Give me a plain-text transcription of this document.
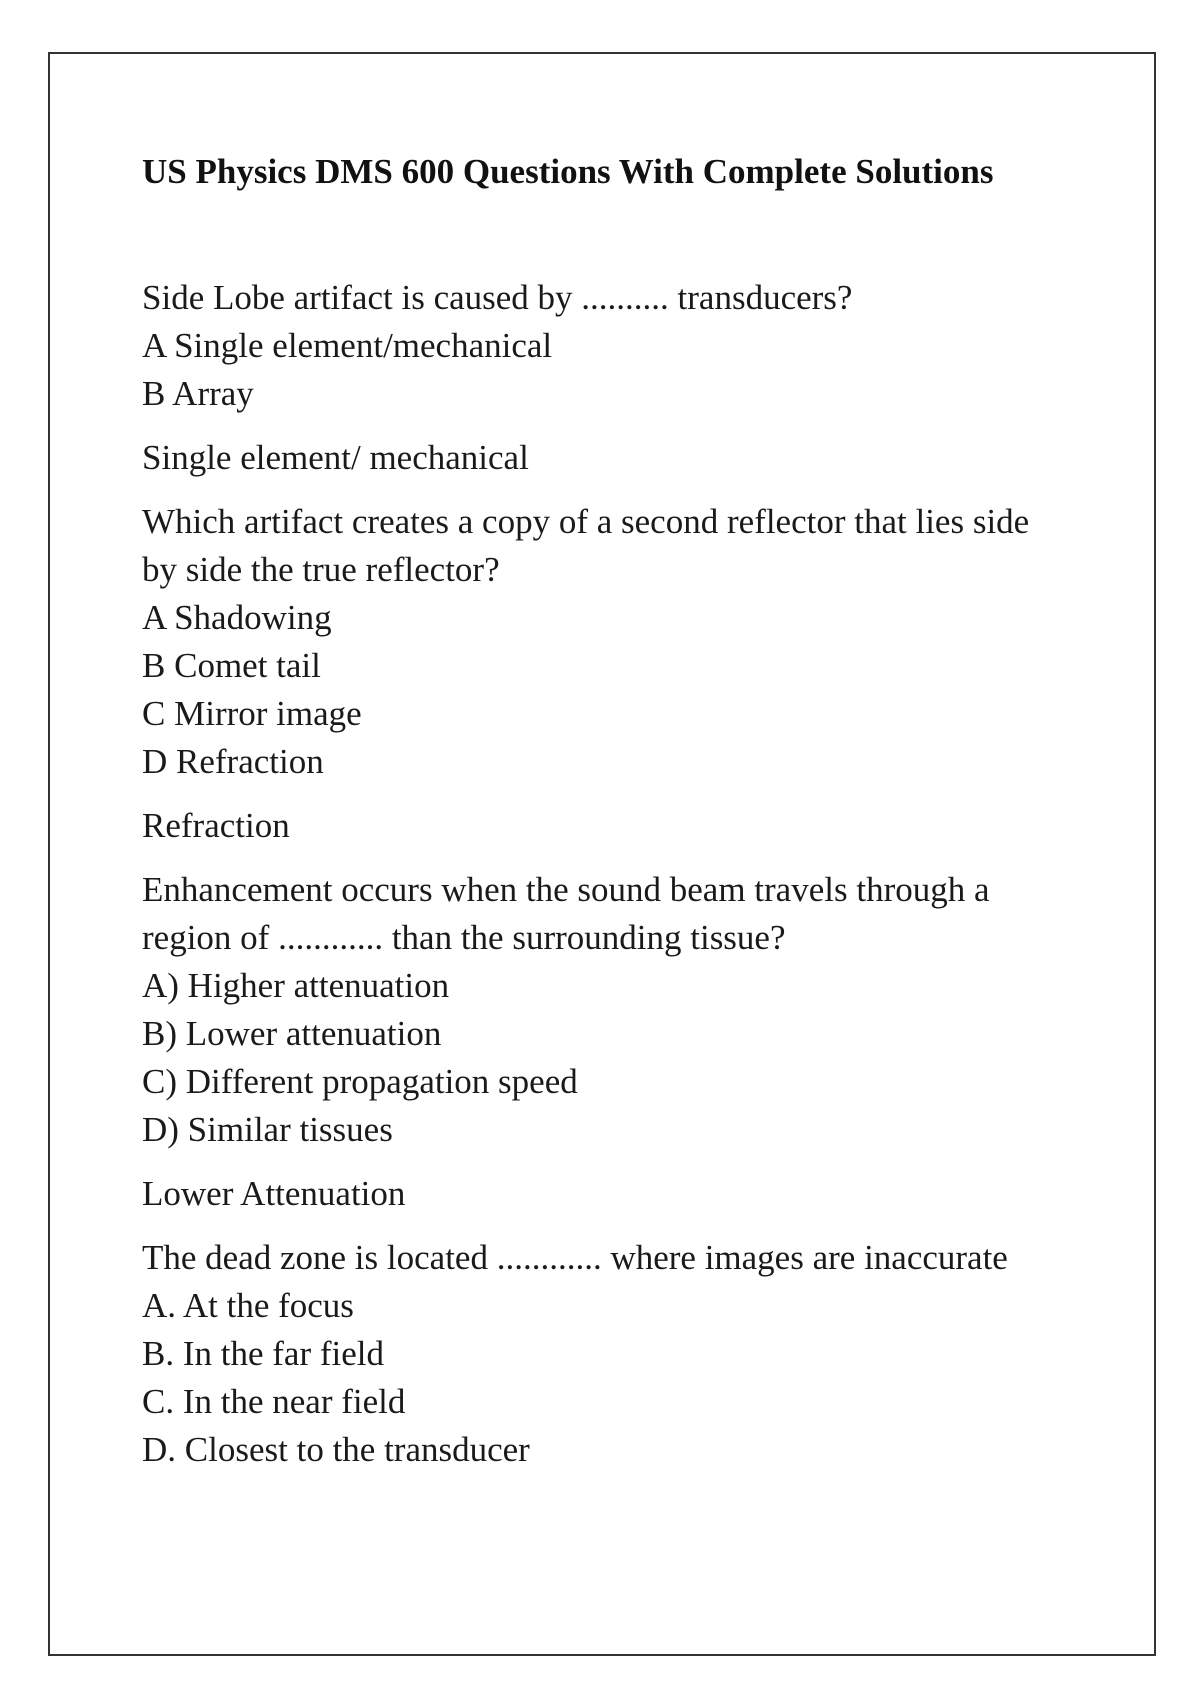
US Physics DMS 600 Questions With Complete Solutions

Side Lobe artifact is caused by .......... transducers?

A Single element/mechanical
B Array

Single element/ mechanical

Which artifact creates a copy of a second reflector that lies side by side the true reflector?

A Shadowing
B Comet tail
C Mirror image
D Refraction

Refraction

Enhancement occurs when the sound beam travels through a region of ............ than the surrounding tissue?

A) Higher attenuation
B) Lower attenuation
C) Different propagation speed
D) Similar tissues

Lower Attenuation

The dead zone is located ............ where images are inaccurate

A. At the focus
B. In the far field
C. In the near field
D. Closest to the transducer
